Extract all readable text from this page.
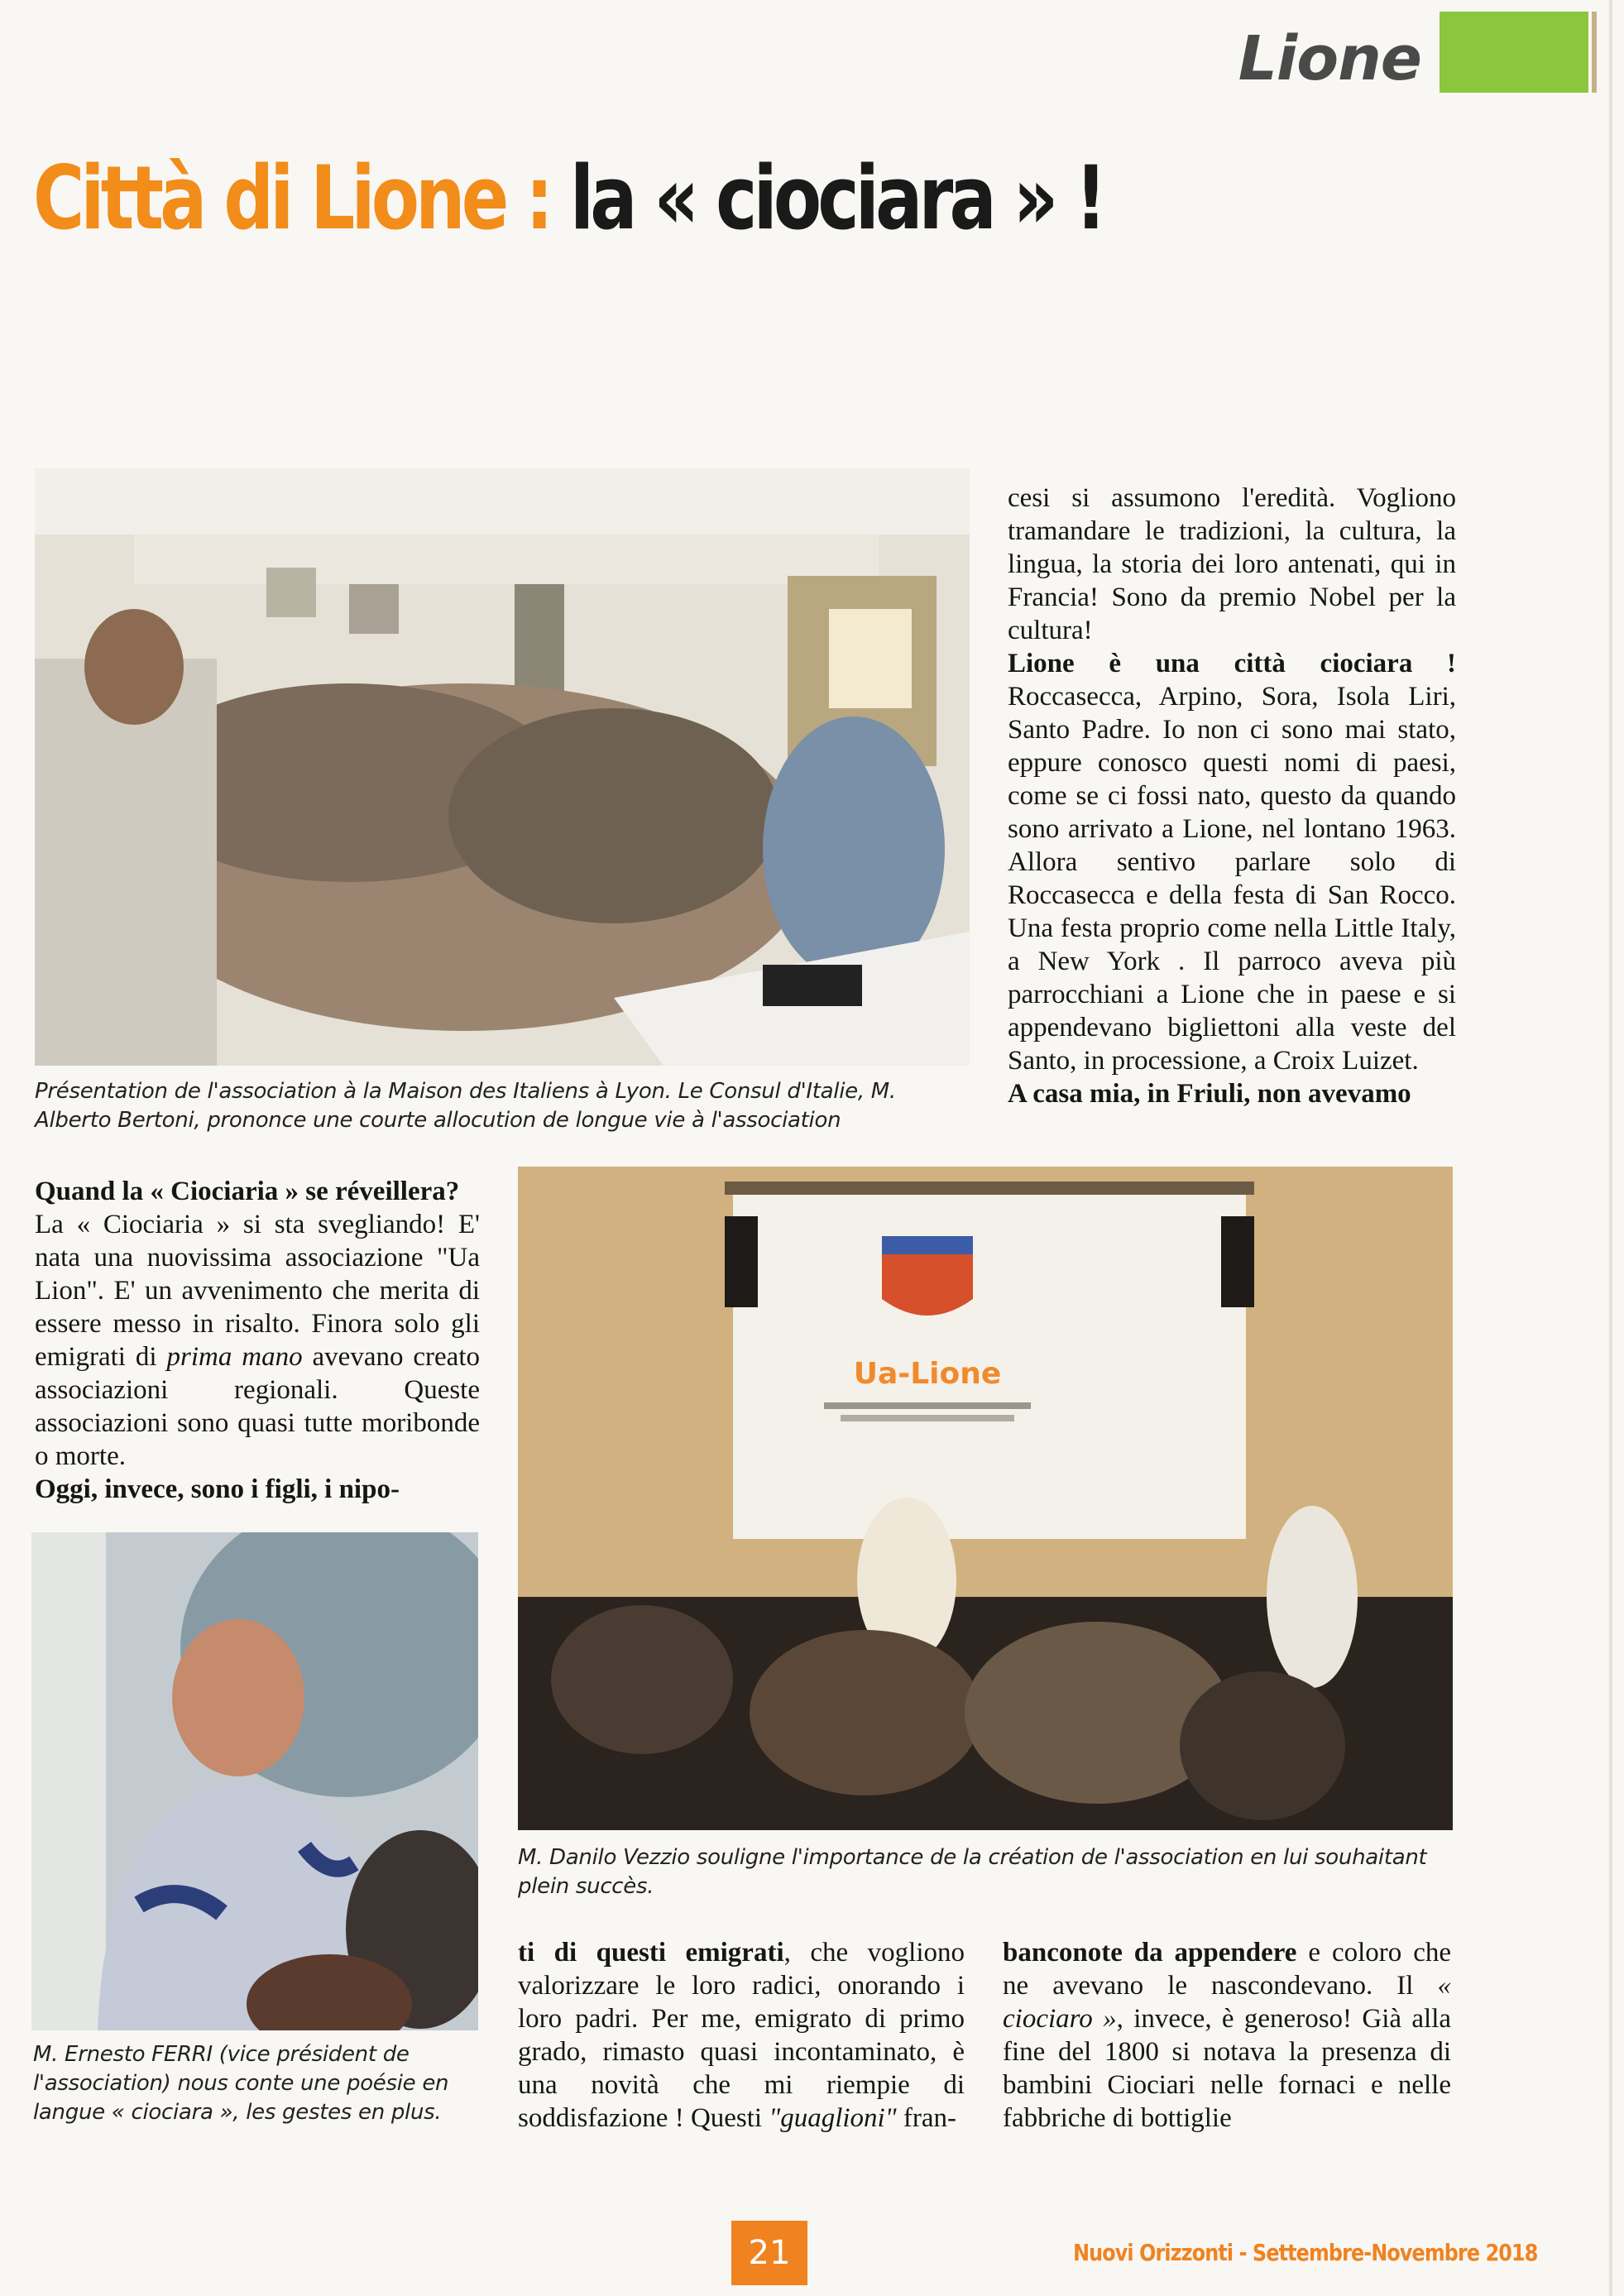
Lione
Città di Lione : la « ciociara » !

Présentation de l'association à la Maison des Italiens à Lyon. Le Consul d'Italie, M. Alberto Bertoni, prononce une courte allocution de longue vie à l'association

cesi si assumono l'eredità. Vogliono tramandare le tradizioni, la cultura, la lingua, la storia dei loro antenati, qui in Francia! Sono da premio Nobel per la cultura!
Lione è una città ciociara ! Roccasecca, Arpino, Sora, Isola Liri, Santo Padre. Io non ci sono mai stato, eppure conosco questi nomi di paesi, come se ci fossi nato, questo da quando sono arrivato a Lione, nel lontano 1963. Allora sentivo parlare solo di Roccasecca e della festa di San Rocco. Una festa proprio come nella Little Italy, a New York . Il parroco aveva più parrocchiani a Lione che in paese e si appendevano bigliettoni alla veste del Santo, in processione, a Croix Luizet.
A casa mia, in Friuli, non avevamo

Quand la « Ciociaria » se réveillera?
La « Ciociaria » si sta svegliando! E' nata una nuovissima associazione "Ua Lion". E' un avvenimento che merita di essere messo in risalto. Finora solo gli emigrati di prima mano avevano creato associazioni regionali. Queste associazioni sono quasi tutte moribonde o morte.
Oggi, invece, sono i figli, i nipo-

Ua-Lione

M. Danilo Vezzio souligne l'importance de la création de l'association en lui souhaitant plein succès.

M. Ernesto FERRI (vice président de l'association) nous conte une poésie en langue « ciociara », les gestes en plus.

ti di questi emigrati, che vogliono valorizzare le loro radici, onorando i loro padri. Per me, emigrato di primo grado, rimasto quasi incontaminato, è una novità che mi riempie di soddisfazione ! Questi "guaglioni" fran-

banconote da appendere e coloro che ne avevano le nascondevano. Il « ciociaro », invece, è generoso! Già alla fine del 1800 si notava la presenza di bambini Ciociari nelle fornaci e nelle fabbriche di bottiglie

21	Nuovi Orizzonti - Settembre-Novembre 2018
